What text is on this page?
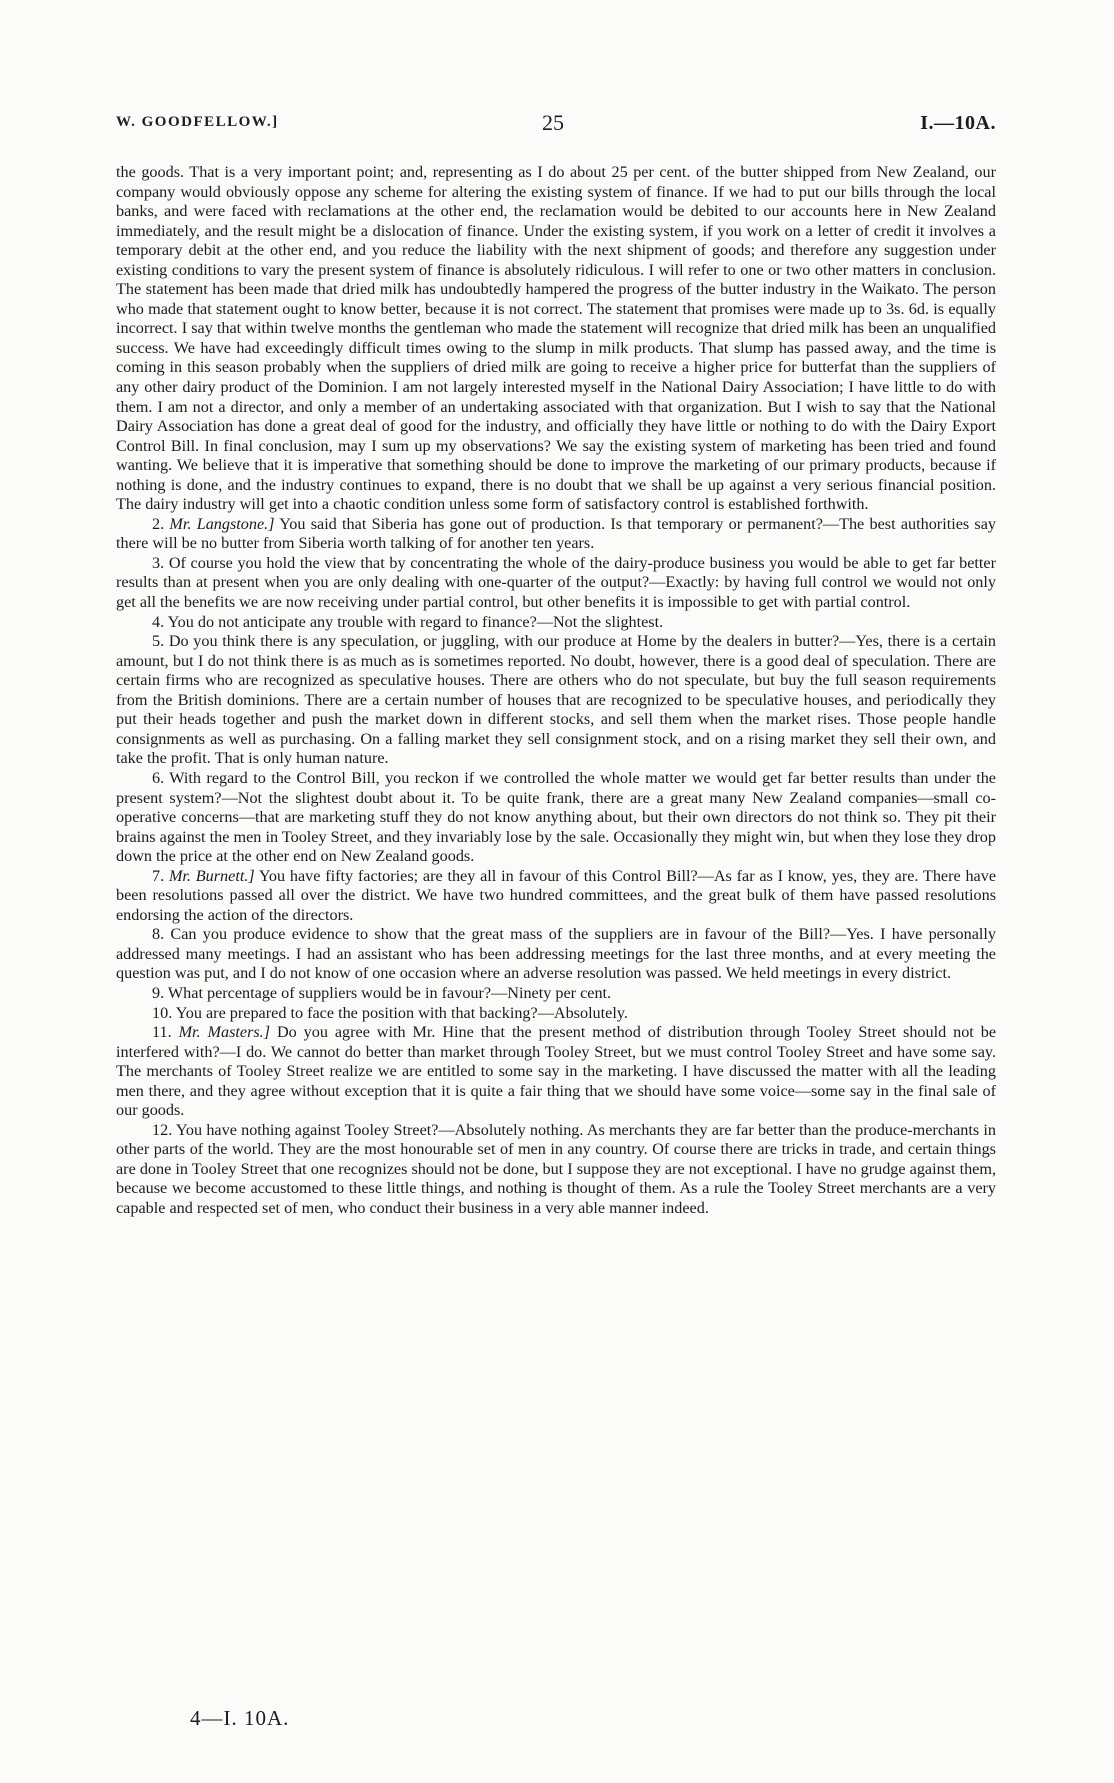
W. GOODFELLOW.]	25	I.—10A.

the goods. That is a very important point; and, representing as I do about 25 per cent. of the butter shipped from New Zealand, our company would obviously oppose any scheme for altering the existing system of finance. If we had to put our bills through the local banks, and were faced with reclamations at the other end, the reclamation would be debited to our accounts here in New Zealand immediately, and the result might be a dislocation of finance. Under the existing system, if you work on a letter of credit it involves a temporary debit at the other end, and you reduce the liability with the next shipment of goods; and therefore any suggestion under existing conditions to vary the present system of finance is absolutely ridiculous. I will refer to one or two other matters in conclusion. The statement has been made that dried milk has undoubtedly hampered the progress of the butter industry in the Waikato. The person who made that statement ought to know better, because it is not correct. The statement that promises were made up to 3s. 6d. is equally incorrect. I say that within twelve months the gentleman who made the statement will recognize that dried milk has been an unqualified success. We have had exceedingly difficult times owing to the slump in milk products. That slump has passed away, and the time is coming in this season probably when the suppliers of dried milk are going to receive a higher price for butterfat than the suppliers of any other dairy product of the Dominion. I am not largely interested myself in the National Dairy Association; I have little to do with them. I am not a director, and only a member of an undertaking associated with that organization. But I wish to say that the National Dairy Association has done a great deal of good for the industry, and officially they have little or nothing to do with the Dairy Export Control Bill. In final conclusion, may I sum up my observations? We say the existing system of marketing has been tried and found wanting. We believe that it is imperative that something should be done to improve the marketing of our primary products, because if nothing is done, and the industry continues to expand, there is no doubt that we shall be up against a very serious financial position. The dairy industry will get into a chaotic condition unless some form of satisfactory control is established forthwith.

2. Mr. Langstone.] You said that Siberia has gone out of production. Is that temporary or permanent?—The best authorities say there will be no butter from Siberia worth talking of for another ten years.

3. Of course you hold the view that by concentrating the whole of the dairy-produce business you would be able to get far better results than at present when you are only dealing with one-quarter of the output?—Exactly: by having full control we would not only get all the benefits we are now receiving under partial control, but other benefits it is impossible to get with partial control.

4. You do not anticipate any trouble with regard to finance?—Not the slightest.

5. Do you think there is any speculation, or juggling, with our produce at Home by the dealers in butter?—Yes, there is a certain amount, but I do not think there is as much as is sometimes reported. No doubt, however, there is a good deal of speculation. There are certain firms who are recognized as speculative houses. There are others who do not speculate, but buy the full season requirements from the British dominions. There are a certain number of houses that are recognized to be speculative houses, and periodically they put their heads together and push the market down in different stocks, and sell them when the market rises. Those people handle consignments as well as purchasing. On a falling market they sell consignment stock, and on a rising market they sell their own, and take the profit. That is only human nature.

6. With regard to the Control Bill, you reckon if we controlled the whole matter we would get far better results than under the present system?—Not the slightest doubt about it. To be quite frank, there are a great many New Zealand companies—small co-operative concerns—that are marketing stuff they do not know anything about, but their own directors do not think so. They pit their brains against the men in Tooley Street, and they invariably lose by the sale. Occasionally they might win, but when they lose they drop down the price at the other end on New Zealand goods.

7. Mr. Burnett.] You have fifty factories; are they all in favour of this Control Bill?—As far as I know, yes, they are. There have been resolutions passed all over the district. We have two hundred committees, and the great bulk of them have passed resolutions endorsing the action of the directors.

8. Can you produce evidence to show that the great mass of the suppliers are in favour of the Bill?—Yes. I have personally addressed many meetings. I had an assistant who has been addressing meetings for the last three months, and at every meeting the question was put, and I do not know of one occasion where an adverse resolution was passed. We held meetings in every district.

9. What percentage of suppliers would be in favour?—Ninety per cent.

10. You are prepared to face the position with that backing?—Absolutely.

11. Mr. Masters.] Do you agree with Mr. Hine that the present method of distribution through Tooley Street should not be interfered with?—I do. We cannot do better than market through Tooley Street, but we must control Tooley Street and have some say. The merchants of Tooley Street realize we are entitled to some say in the marketing. I have discussed the matter with all the leading men there, and they agree without exception that it is quite a fair thing that we should have some voice—some say in the final sale of our goods.

12. You have nothing against Tooley Street?—Absolutely nothing. As merchants they are far better than the produce-merchants in other parts of the world. They are the most honourable set of men in any country. Of course there are tricks in trade, and certain things are done in Tooley Street that one recognizes should not be done, but I suppose they are not exceptional. I have no grudge against them, because we become accustomed to these little things, and nothing is thought of them. As a rule the Tooley Street merchants are a very capable and respected set of men, who conduct their business in a very able manner indeed.

4—I. 10A.
